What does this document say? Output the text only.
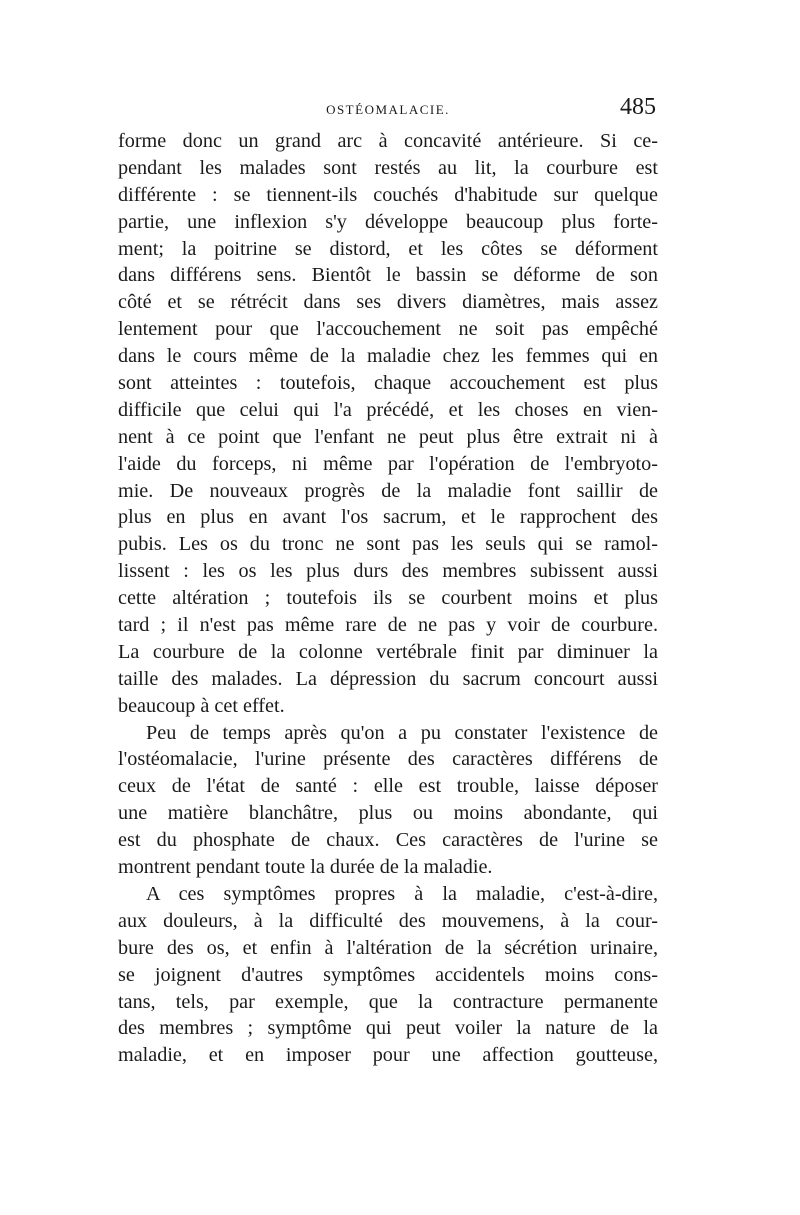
OSTÉOMALACIE.	485
forme donc un grand arc à concavité antérieure. Si ce-
pendant les malades sont restés au lit, la courbure est
différente : se tiennent-ils couchés d'habitude sur quelque
partie, une inflexion s'y développe beaucoup plus forte-
ment; la poitrine se distord, et les côtes se déforment
dans différens sens. Bientôt le bassin se déforme de son
côté et se rétrécit dans ses divers diamètres, mais assez
lentement pour que l'accouchement ne soit pas empêché
dans le cours même de la maladie chez les femmes qui en
sont atteintes : toutefois, chaque accouchement est plus
difficile que celui qui l'a précédé, et les choses en vien-
nent à ce point que l'enfant ne peut plus être extrait ni à
l'aide du forceps, ni même par l'opération de l'embryoto-
mie. De nouveaux progrès de la maladie font saillir de
plus en plus en avant l'os sacrum, et le rapprochent des
pubis. Les os du tronc ne sont pas les seuls qui se ramol-
lissent : les os les plus durs des membres subissent aussi
cette altération ; toutefois ils se courbent moins et plus
tard ; il n'est pas même rare de ne pas y voir de courbure.
La courbure de la colonne vertébrale finit par diminuer la
taille des malades. La dépression du sacrum concourt aussi
beaucoup à cet effet.
Peu de temps après qu'on a pu constater l'existence de
l'ostéomalacie, l'urine présente des caractères différens de
ceux de l'état de santé : elle est trouble, laisse déposer
une matière blanchâtre, plus ou moins abondante, qui
est du phosphate de chaux. Ces caractères de l'urine se
montrent pendant toute la durée de la maladie.
A ces symptômes propres à la maladie, c'est-à-dire,
aux douleurs, à la difficulté des mouvemens, à la cour-
bure des os, et enfin à l'altération de la sécrétion urinaire,
se joignent d'autres symptômes accidentels moins cons-
tans, tels, par exemple, que la contracture permanente
des membres ; symptôme qui peut voiler la nature de la
maladie, et en imposer pour une affection goutteuse,
